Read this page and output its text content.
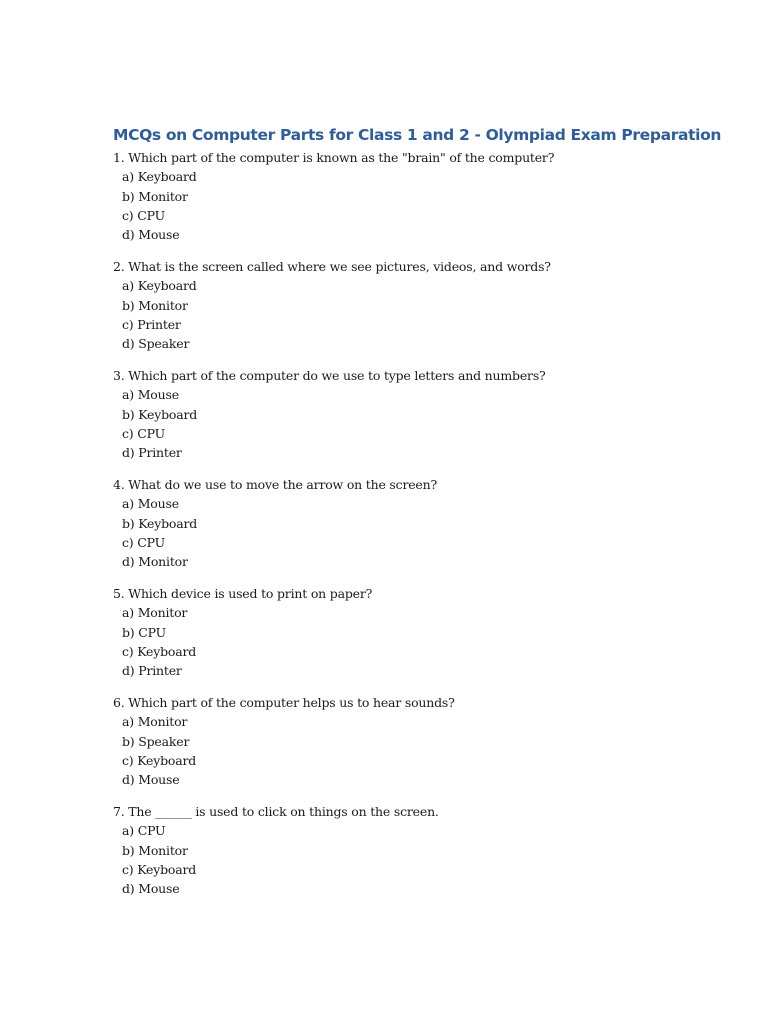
MCQs on Computer Parts for Class 1 and 2 - Olympiad Exam Preparation
1. Which part of the computer is known as the "brain" of the computer?
a) Keyboard
b) Monitor
c) CPU
d) Mouse
2. What is the screen called where we see pictures, videos, and words?
a) Keyboard
b) Monitor
c) Printer
d) Speaker
3. Which part of the computer do we use to type letters and numbers?
a) Mouse
b) Keyboard
c) CPU
d) Printer
4. What do we use to move the arrow on the screen?
a) Mouse
b) Keyboard
c) CPU
d) Monitor
5. Which device is used to print on paper?
a) Monitor
b) CPU
c) Keyboard
d) Printer
6. Which part of the computer helps us to hear sounds?
a) Monitor
b) Speaker
c) Keyboard
d) Mouse
7. The ______ is used to click on things on the screen.
a) CPU
b) Monitor
c) Keyboard
d) Mouse
